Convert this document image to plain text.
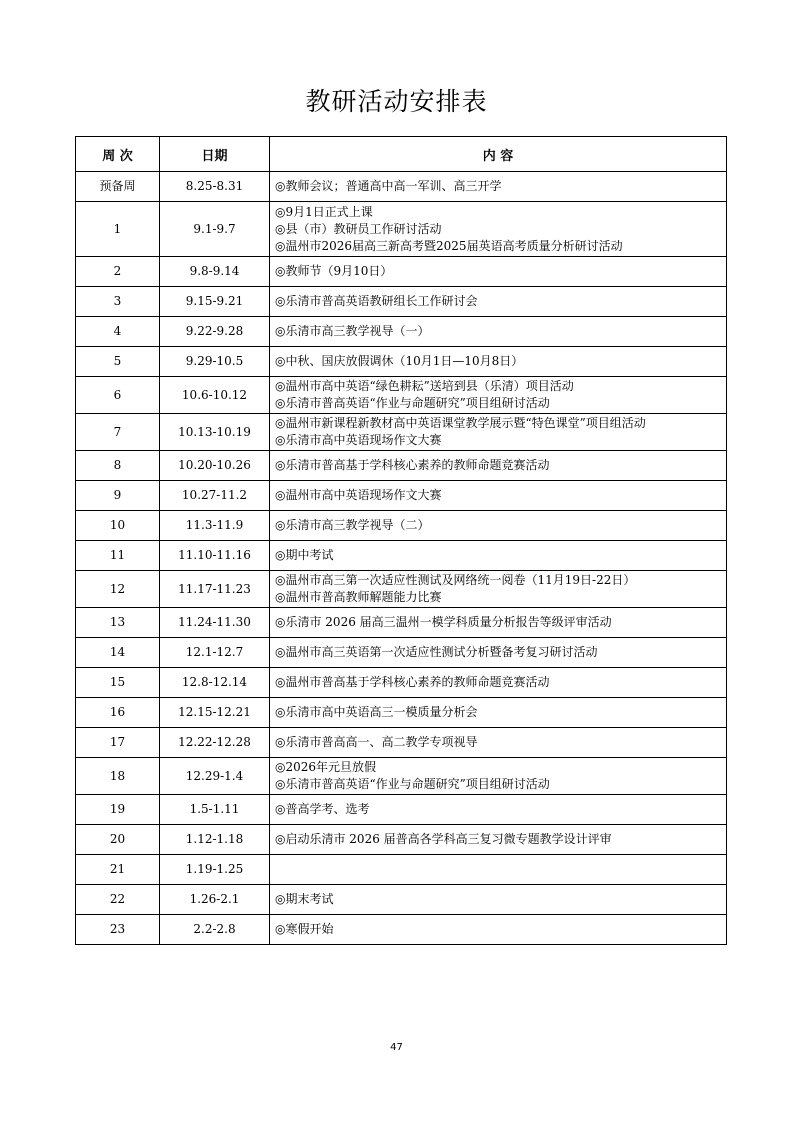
教研活动安排表
周 次	日期	内 容
预备周	8.25-8.31	◎ 教师会议；普通高中高一军训、高三开学

1	9.1-9.7	◎ 9月1日正式上课
◎ 县（市）教研员工作研讨活动
◎ 温州市2026届高三新高考暨2025届英语高考质量分析研讨活动

2	9.8-9.14	◎ 教师节（9月10日）

3	9.15-9.21	◎ 乐清市普高英语教研组长工作研讨会

4	9.22-9.28	◎ 乐清市高三教学视导（一）

5	9.29-10.5	◎ 中秋、国庆放假调休（10月1日—10月8日）

6	10.6-10.12	◎ 温州市高中英语“绿色耕耘”送培到县（乐清）项目活动
◎ 乐清市普高英语“作业与命题研究”项目组研讨活动

7	10.13-10.19	◎ 温州市新课程新教材高中英语课堂教学展示暨“特色课堂”项目组活动
◎ 乐清市高中英语现场作文大赛

8	10.20-10.26	◎ 乐清市普高基于学科核心素养的教师命题竞赛活动

9	10.27-11.2	◎ 温州市高中英语现场作文大赛

10	11.3-11.9	◎ 乐清市高三教学视导（二）

11	11.10-11.16	◎ 期中考试

12	11.17-11.23	◎ 温州市高三第一次适应性测试及网络统一阅卷（11月19日-22日）
◎ 温州市普高教师解题能力比赛

13	11.24-11.30	◎ 乐清市 2026 届高三温州一模学科质量分析报告等级评审活动

14	12.1-12.7	◎ 温州市高三英语第一次适应性测试分析暨备考复习研讨活动

15	12.8-12.14	◎ 温州市普高基于学科核心素养的教师命题竞赛活动

16	12.15-12.21	◎ 乐清市高中英语高三一模质量分析会

17	12.22-12.28	◎ 乐清市普高高一、高二教学专项视导

18	12.29-1.4	◎ 2026年元旦放假
◎ 乐清市普高英语“作业与命题研究”项目组研讨活动

19	1.5-1.11	◎ 普高学考、选考

20	1.12-1.18	◎ 启动乐清市 2026 届普高各学科高三复习微专题教学设计评审

21	1.19-1.25	
22	1.26-2.1	◎ 期末考试

23	2.2-2.8	◎ 寒假开始
47
